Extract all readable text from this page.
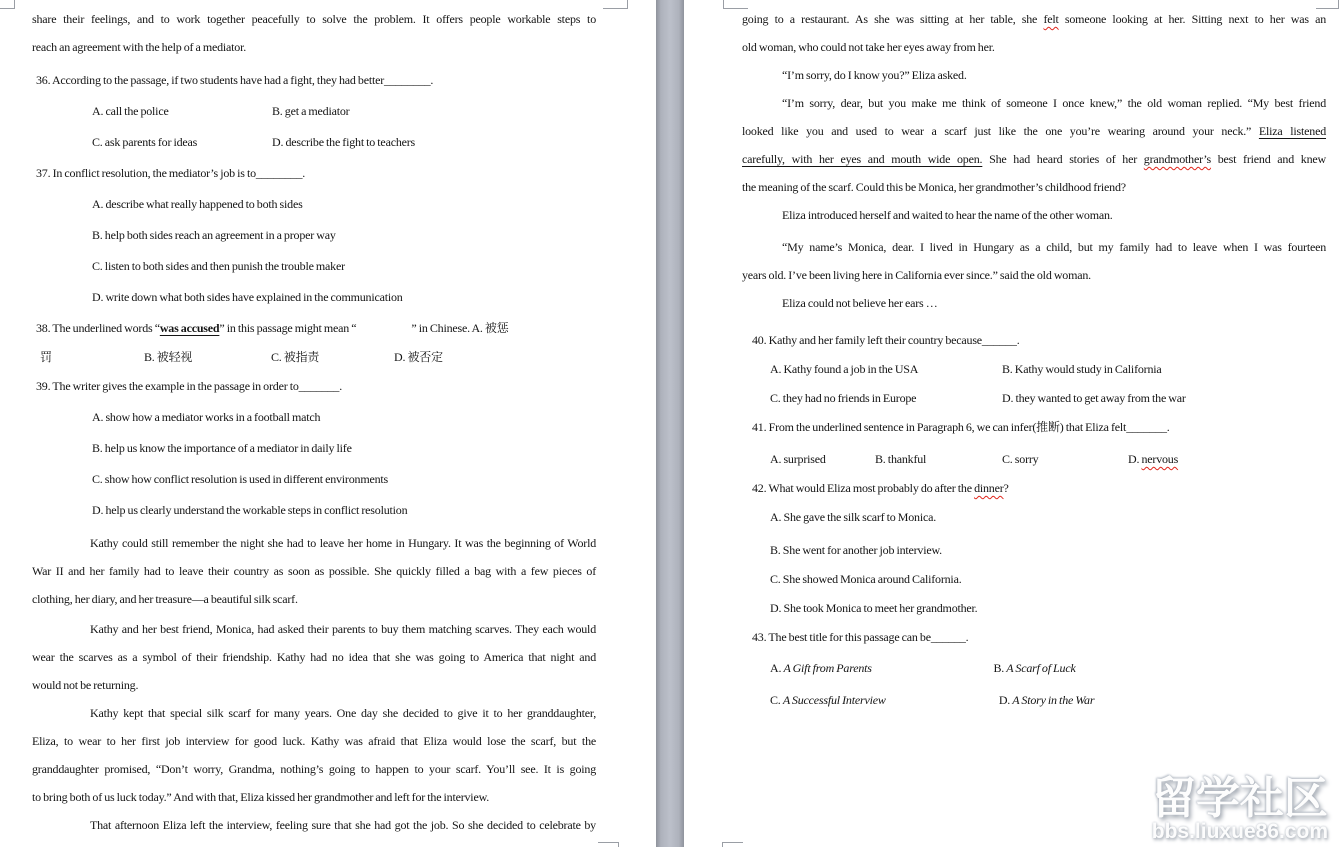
share their feelings, and to work together peacefully to solve the problem. It offers people workable steps to
reach an agreement with the help of a mediator.
36. According to the passage, if two students have had a fight, they had better________.
A. call the police	B. get a mediator
C. ask parents for ideas	D. describe the fight to teachers
37. In conflict resolution, the mediator’s job is to________.
A. describe what really happened to both sides
B. help both sides reach an agreement in a proper way
C. listen to both sides and then punish the trouble maker
D. write down what both sides have explained in the communication
38. The underlined words “was accused” in this passage might mean “	” in Chinese. A. 被惩
罚	B. 被轻视	C. 被指责	D. 被否定
39. The writer gives the example in the passage in order to_______.
A. show how a mediator works in a football match
B. help us know the importance of a mediator in daily life
C. show how conflict resolution is used in different environments
D. help us clearly understand the workable steps in conflict resolution
Kathy could still remember the night she had to leave her home in Hungary. It was the beginning of World
War II and her family had to leave their country as soon as possible. She quickly filled a bag with a few pieces of
clothing, her diary, and her treasure—a beautiful silk scarf.
Kathy and her best friend, Monica, had asked their parents to buy them matching scarves. They each would
wear the scarves as a symbol of their friendship. Kathy had no idea that she was going to America that night and
would not be returning.
Kathy kept that special silk scarf for many years. One day she decided to give it to her granddaughter,
Eliza, to wear to her first job interview for good luck. Kathy was afraid that Eliza would lose the scarf, but the
granddaughter promised, “Don’t worry, Grandma, nothing’s going to happen to your scarf. You’ll see. It is going
to bring both of us luck today.” And with that, Eliza kissed her grandmother and left for the interview.
That afternoon Eliza left the interview, feeling sure that she had got the job. So she decided to celebrate by
going to a restaurant. As she was sitting at her table, she felt someone looking at her. Sitting next to her was an
old woman, who could not take her eyes away from her.
“I’m sorry, do I know you?” Eliza asked.
“I’m sorry, dear, but you make me think of someone I once knew,” the old woman replied. “My best friend
looked like you and used to wear a scarf just like the one you’re wearing around your neck.” Eliza listened
carefully, with her eyes and mouth wide open. She had heard stories of her grandmother’s best friend and knew
the meaning of the scarf. Could this be Monica, her grandmother’s childhood friend?
Eliza introduced herself and waited to hear the name of the other woman.
“My name’s Monica, dear. I lived in Hungary as a child, but my family had to leave when I was fourteen
years old. I’ve been living here in California ever since.” said the old woman.
Eliza could not believe her ears …
40. Kathy and her family left their country because______.
A. Kathy found a job in the USA	B. Kathy would study in California
C. they had no friends in Europe	D. they wanted to get away from the war
41. From the underlined sentence in Paragraph 6, we can infer(推断) that Eliza felt_______.
A. surprised	B. thankful	C. sorry	D. nervous
42. What would Eliza most probably do after the dinner?
A. She gave the silk scarf to Monica.
B. She went for another job interview.
C. She showed Monica around California.
D. She took Monica to meet her grandmother.
43. The best title for this passage can be______.
A. A Gift from Parents	B. A Scarf of Luck
C. A Successful Interview	D. A Story in the War
留学社区
bbs.liuxue86.com
